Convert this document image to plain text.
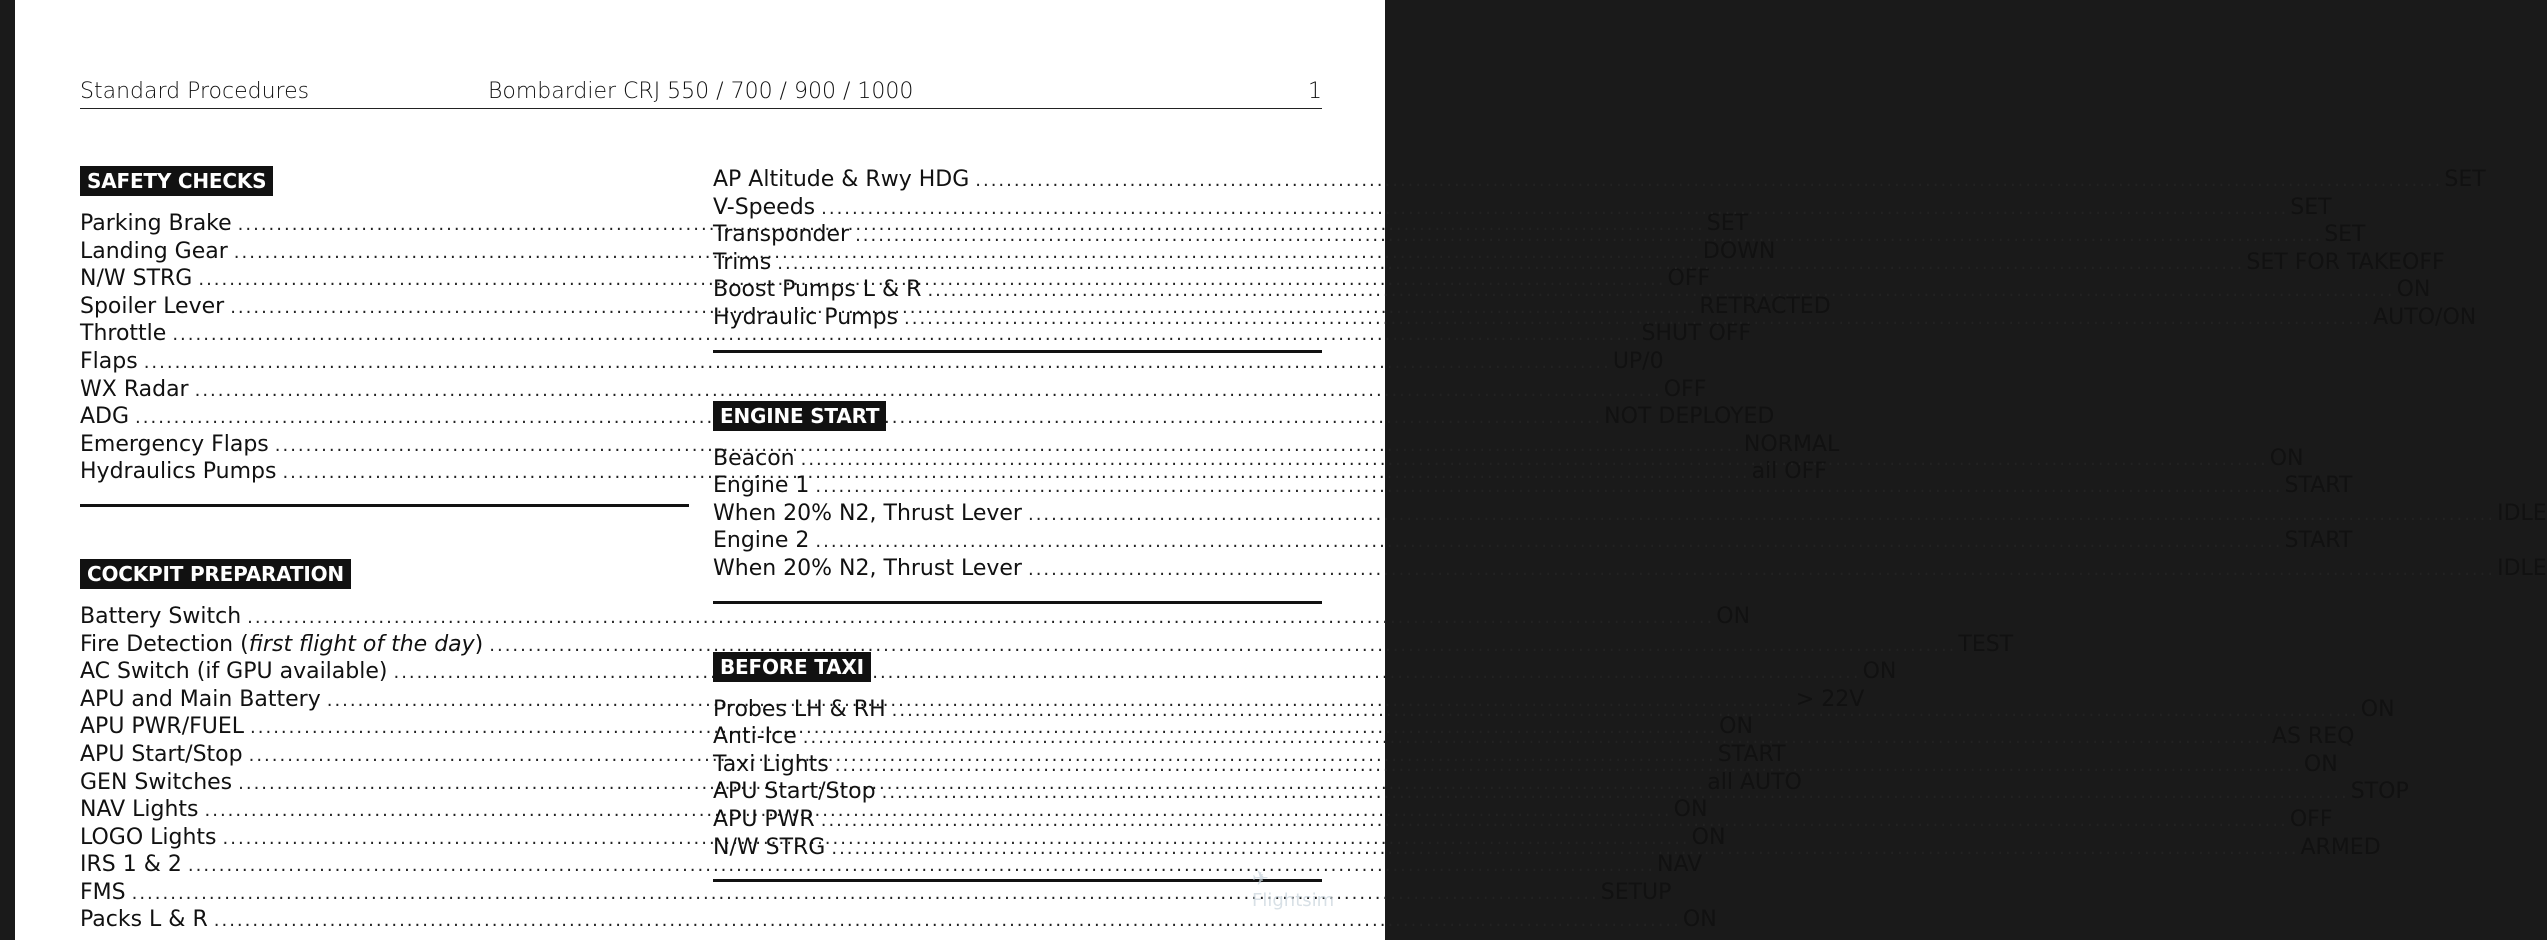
Standard Procedures	Bombardier CRJ 550 / 700 / 900 / 1000	1
SAFETY CHECKS
Parking Brake .....	SET
Landing Gear .....	DOWN
N/W STRG .....	OFF
Spoiler Lever .....	RETRACTED
Throttle .....	SHUT OFF
Flaps .....	UP/0
WX Radar .....	OFF
ADG .....	NOT DEPLOYED
Emergency Flaps .....	NORMAL
Hydraulics Pumps .....	all OFF
COCKPIT PREPARATION
Battery Switch .....	ON
Fire Detection (first flight of the day) .....	TEST
AC Switch (if GPU available) .....	ON
APU and Main Battery .....	> 22V
APU PWR/FUEL .....	ON
APU Start/Stop .....	START
GEN Switches .....	all AUTO
NAV Lights .....	ON
LOGO Lights .....	ON
IRS 1 & 2 .....	NAV
FMS .....	SETUP
Packs L & R .....	ON
AP Altitude & Rwy HDG .....	SET
V-Speeds .....	SET
Transponder .....	SET
Trims .....	SET FOR TAKEOFF
Boost Pumps L & R .....	ON
Hydraulic Pumps .....	AUTO/ON
ENGINE START
Beacon .....	ON
Engine 1 .....	START
When 20% N2, Thrust Lever .....	IDLE
Engine 2 .....	START
When 20% N2, Thrust Lever .....	IDLE
BEFORE TAXI
Probes LH & RH .....	ON
Anti-Ice .....	AS REQ
Taxi Lights .....	ON
APU Start/Stop .....	STOP
APU PWR .....	OFF
N/W STRG .....	ARMED
✈Flightsim
